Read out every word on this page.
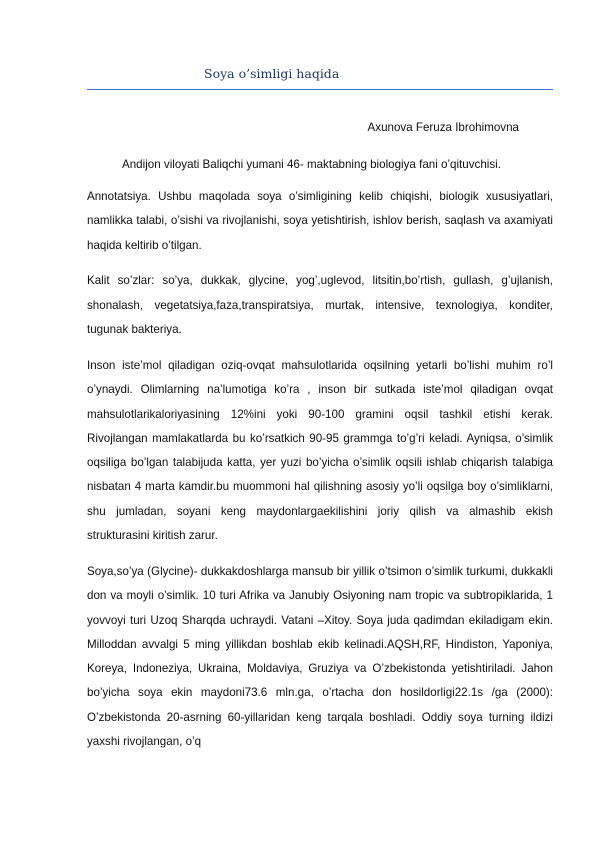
Soya o’simligi haqida
Axunova Feruza Ibrohimovna
Andijon viloyati Baliqchi yumani 46- maktabning biologiya fani o’qituvchisi.

Annotatsiya. Ushbu maqolada soya o’simligining kelib chiqishi, biologik xususiyatlari, namlikka talabi, o’sishi va rivojlanishi, soya yetishtirish, ishlov berish, saqlash va axamiyati haqida keltirib o’tilgan.

Kalit so’zlar: so’ya, dukkak, glycine, yog’,uglevod, litsitin,bo’rtish, gullash, g’ujlanish, shonalash, vegetatsiya,faza,transpiratsiya, murtak, intensive, texnologiya, konditer, tugunak bakteriya.

Inson iste’mol qiladigan oziq-ovqat mahsulotlarida oqsilning yetarli bo’lishi muhim ro’l o’ynaydi. Olimlarning na’lumotiga ko’ra , inson bir sutkada iste’mol qiladigan ovqat mahsulotlarikaloriyasining 12%ini yoki 90-100 gramini oqsil tashkil etishi kerak. Rivojlangan mamlakatlarda bu ko’rsatkich 90-95 grammga to’g’ri keladi. Ayniqsa, o’simlik oqsiliga bo’lgan talabijuda katta, yer yuzi bo’yicha o’simlik oqsili ishlab chiqarish talabiga nisbatan 4 marta kamdir.bu muommoni hal qilishning asosiy yo’li oqsilga boy o’simliklarni, shu jumladan, soyani keng maydonlargaekilishini joriy qilish va almashib ekish strukturasini kiritish zarur.

Soya,so’ya (Glycine)- dukkakdoshlarga mansub bir yillik o’tsimon o’simlik turkumi, dukkakli don va moyli o’simlik. 10 turi Afrika va Janubiy Osiyoning nam tropic va subtropiklarida, 1 yovvoyi turi Uzoq Sharqda uchraydi. Vatani –Xitoy. Soya juda qadimdan ekiladigam ekin. Milloddan avvalgi 5 ming yillikdan boshlab ekib kelinadi.AQSH,RF, Hindiston, Yaponiya, Koreya, Indoneziya, Ukraina, Moldaviya, Gruziya va O’zbekistonda yetishtiriladi. Jahon bo’yicha soya ekin maydoni73.6 mln.ga, o’rtacha don hosildorligi22.1s /ga (2000): O’zbekistonda 20-asrning 60-yillaridan keng tarqala boshladi. Oddiy soya turning ildizi yaxshi rivojlangan, o’q
